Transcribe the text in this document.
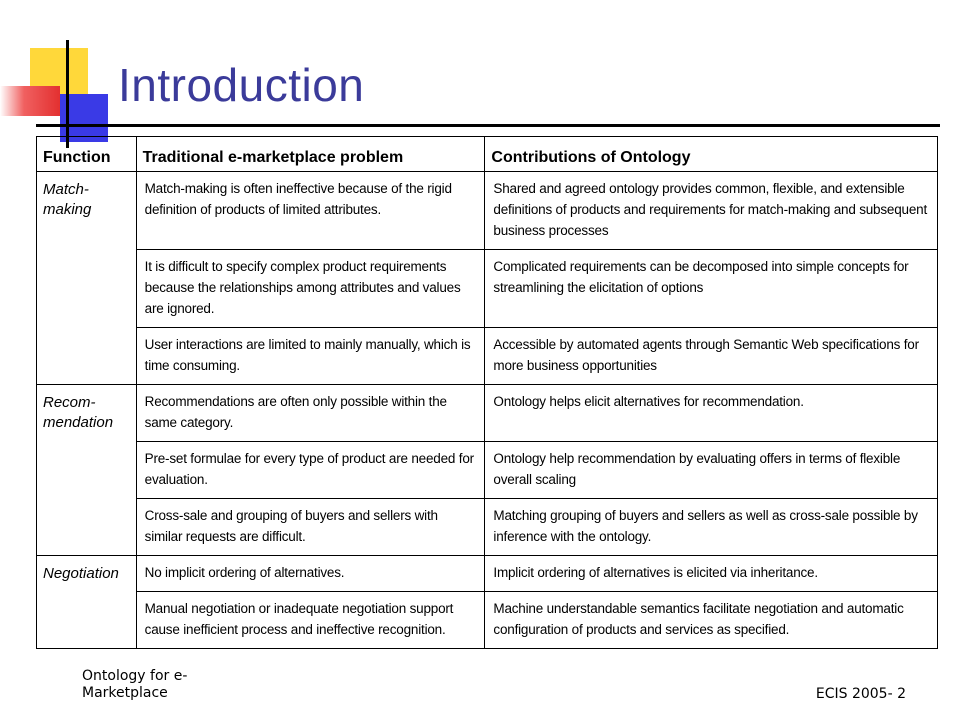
Introduction
Function	Traditional e-marketplace problem	Contributions of Ontology
Match-
making	Match-making is often ineffective because of the rigid definition of products of limited attributes.	Shared and agreed ontology provides common, flexible, and extensible definitions of products and requirements for match-making and subsequent business processes
	It is difficult to specify complex product requirements because the relationships among attributes and values are ignored.	Complicated requirements can be decomposed into simple concepts for streamlining the elicitation of options
	User interactions are limited to mainly manually, which is time consuming.	Accessible by automated agents through Semantic Web specifications for more business opportunities
Recom-
mendation	Recommendations are often only possible within the same category.	Ontology helps elicit alternatives for recommendation.
	Pre-set formulae for every type of product are needed for evaluation.	Ontology help recommendation by evaluating offers in terms of flexible overall scaling
	Cross-sale and grouping of buyers and sellers with similar requests are difficult.	Matching grouping of buyers and sellers as well as cross-sale possible by inference with the ontology.
Negotiation	No implicit ordering of alternatives.	Implicit ordering of alternatives is elicited via inheritance.
	Manual negotiation or inadequate negotiation support cause inefficient process and ineffective recognition.	Machine understandable semantics facilitate negotiation and automatic configuration of products and services as specified.
Ontology for e-Marketplace	ECIS 2005- 2
